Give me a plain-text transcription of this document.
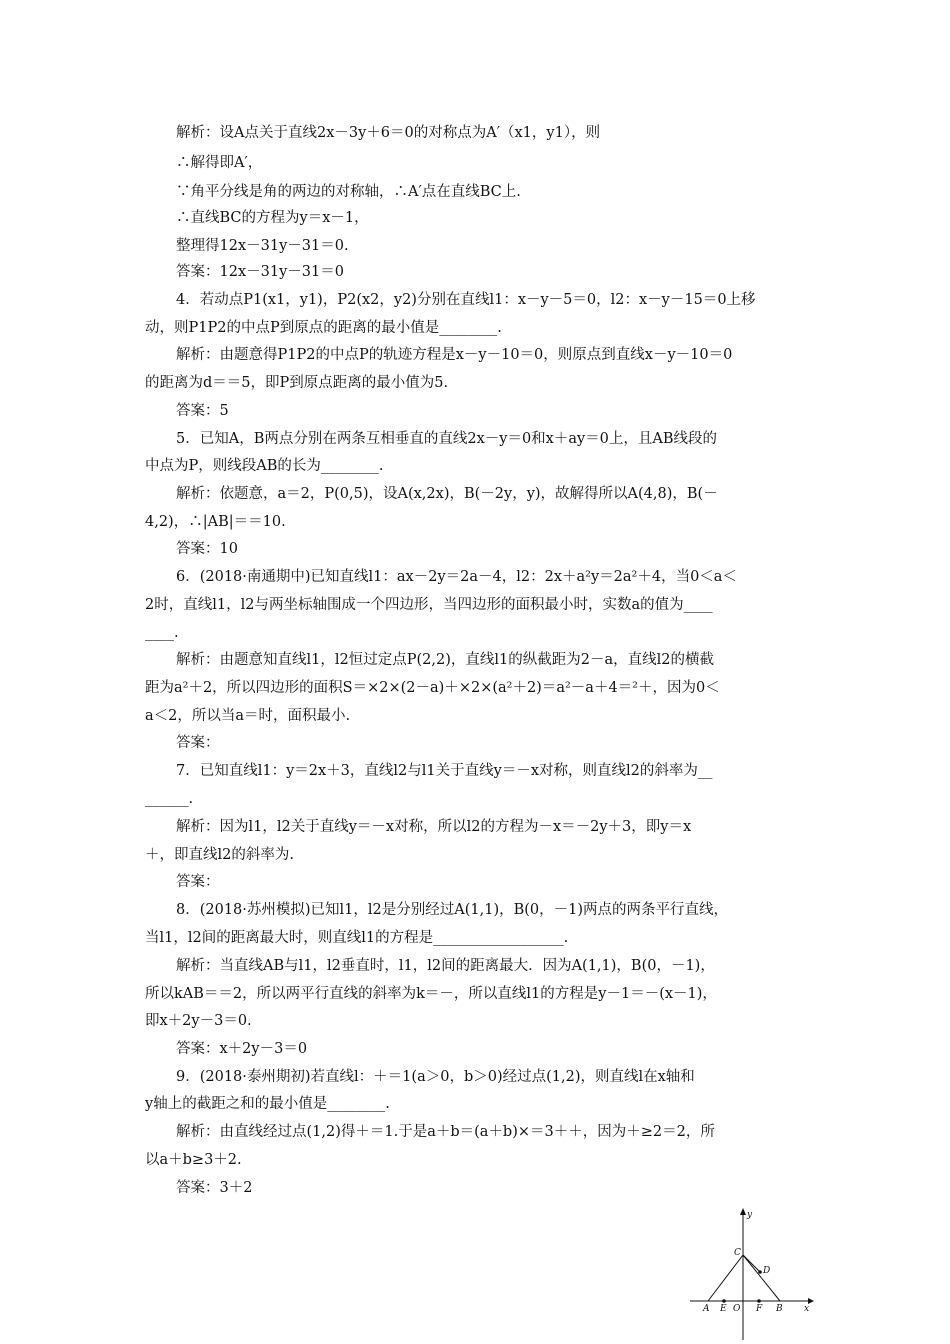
解析：设A点关于直线2x－3y＋6＝0的对称点为A′（x1，y1），则
∴解得即A′，
∵角平分线是角的两边的对称轴，∴A′点在直线BC上.
∴直线BC的方程为y＝x－1，
整理得12x－31y－31＝0.
答案：12x－31y－31＝0
4．若动点P1(x1，y1)，P2(x2，y2)分别在直线l1：x－y－5＝0，l2：x－y－15＝0上移
动，则P1P2的中点P到原点的距离的最小值是________.
解析：由题意得P1P2的中点P的轨迹方程是x－y－10＝0，则原点到直线x－y－10＝0
的距离为d＝＝5，即P到原点距离的最小值为5.
答案：5
5．已知A，B两点分别在两条互相垂直的直线2x－y＝0和x＋ay＝0上，且AB线段的
中点为P，则线段AB的长为________.
解析：依题意，a＝2，P(0,5)，设A(x,2x)，B(－2y，y)，故解得所以A(4,8)，B(－
4,2)，∴|AB|＝＝10.
答案：10
6．(2018·南通期中)已知直线l1：ax－2y＝2a－4，l2：2x＋a²y＝2a²＋4，当0＜a＜
2时，直线l1，l2与两坐标轴围成一个四边形，当四边形的面积最小时，实数a的值为____
____.
解析：由题意知直线l1，l2恒过定点P(2,2)，直线l1的纵截距为2－a，直线l2的横截
距为a²＋2，所以四边形的面积S＝×2×(2－a)＋×2×(a²＋2)＝a²－a＋4＝²＋，因为0＜
a＜2，所以当a＝时，面积最小.
答案：
7．已知直线l1：y＝2x＋3，直线l2与l1关于直线y＝－x对称，则直线l2的斜率为__
______.
解析：因为l1，l2关于直线y＝－x对称，所以l2的方程为－x＝－2y＋3，即y＝x
＋，即直线l2的斜率为.
答案：
8．(2018·苏州模拟)已知l1，l2是分别经过A(1,1)，B(0，－1)两点的两条平行直线，
当l1，l2间的距离最大时，则直线l1的方程是__________________.
解析：当直线AB与l1，l2垂直时，l1，l2间的距离最大．因为A(1,1)，B(0，－1)，
所以kAB＝＝2，所以两平行直线的斜率为k＝－，所以直线l1的方程是y－1＝－(x－1)，
即x＋2y－3＝0.
答案：x＋2y－3＝0
9．(2018·泰州期初)若直线l：＋＝1(a＞0，b＞0)经过点(1,2)，则直线l在x轴和
y轴上的截距之和的最小值是________.
解析：由直线经过点(1,2)得＋＝1.于是a＋b＝(a＋b)×＝3＋＋，因为＋≥2＝2，所
以a＋b≥3＋2.
答案：3＋2
y
x
A E O F B
C
D
